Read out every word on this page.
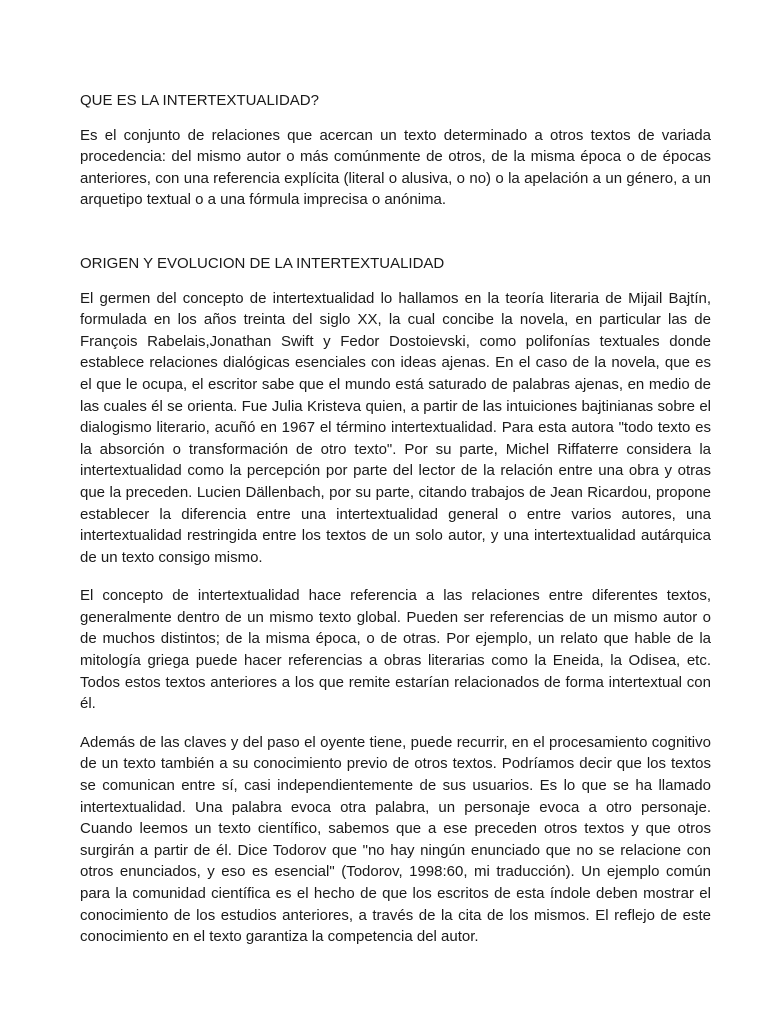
QUE ES LA INTERTEXTUALIDAD?

Es el conjunto de relaciones que acercan un texto determinado a otros textos de variada procedencia: del mismo autor o más comúnmente de otros, de la misma época o de épocas anteriores, con una referencia explícita (literal o alusiva, o no) o la apelación a un género, a un arquetipo textual o a una fórmula imprecisa o anónima.

ORIGEN Y EVOLUCION DE LA INTERTEXTUALIDAD

El germen del concepto de intertextualidad lo hallamos en la teoría literaria de Mijail Bajtín, formulada en los años treinta del siglo XX, la cual concibe la novela, en particular las de François Rabelais,Jonathan Swift y Fedor Dostoievski, como polifonías textuales donde establece relaciones dialógicas esenciales con ideas ajenas. En el caso de la novela, que es el que le ocupa, el escritor sabe que el mundo está saturado de palabras ajenas, en medio de las cuales él se orienta. Fue Julia Kristeva quien, a partir de las intuiciones bajtinianas sobre el dialogismo literario, acuñó en 1967 el término intertextualidad. Para esta autora "todo texto es la absorción o transformación de otro texto". Por su parte, Michel Riffaterre considera la intertextualidad como la percepción por parte del lector de la relación entre una obra y otras que la preceden. Lucien Dällenbach, por su parte, citando trabajos de Jean Ricardou, propone establecer la diferencia entre una intertextualidad general o entre varios autores, una intertextualidad restringida entre los textos de un solo autor, y una intertextualidad autárquica de un texto consigo mismo.

El concepto de intertextualidad hace referencia a las relaciones entre diferentes textos, generalmente dentro de un mismo texto global. Pueden ser referencias de un mismo autor o de muchos distintos; de la misma época, o de otras. Por ejemplo, un relato que hable de la mitología griega puede hacer referencias a obras literarias como la Eneida, la Odisea, etc. Todos estos textos anteriores a los que remite estarían relacionados de forma intertextual con él.

Además de las claves y del paso el oyente tiene, puede recurrir, en el procesamiento cognitivo de un texto también a su conocimiento previo de otros textos. Podríamos decir que los textos se comunican entre sí, casi independientemente de sus usuarios. Es lo que se ha llamado intertextualidad. Una palabra evoca otra palabra, un personaje evoca a otro personaje. Cuando leemos un texto científico, sabemos que a ese preceden otros textos y que otros surgirán a partir de él. Dice Todorov que "no hay ningún enunciado que no se relacione con otros enunciados, y eso es esencial" (Todorov, 1998:60, mi traducción). Un ejemplo común para la comunidad científica es el hecho de que los escritos de esta índole deben mostrar el conocimiento de los estudios anteriores, a través de la cita de los mismos. El reflejo de este conocimiento en el texto garantiza la competencia del autor.
